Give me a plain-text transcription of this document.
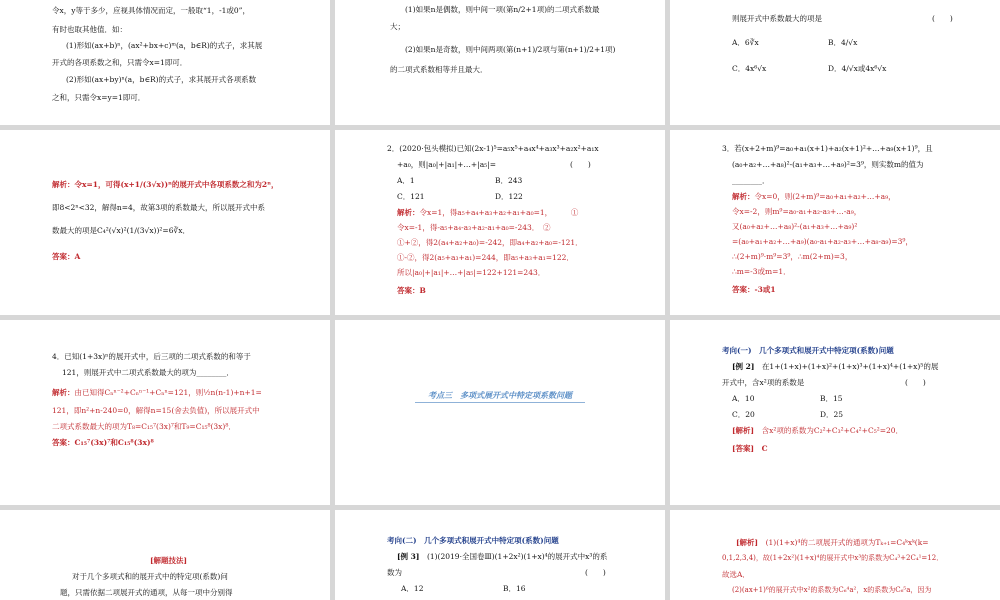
令x，y等于多少，应视具体情况而定，一般取“1，-1或0”，
有时也取其他值．如：
(1)形如(ax+b)ⁿ，(ax²+bx+c)ᵐ(a，b∈R)的式子，求其展
开式的各项系数之和，只需令x=1即可．
(2)形如(ax+by)ⁿ(a，b∈R)的式子，求其展开式各项系数
之和，只需令x=y=1即可．
(1)如果n是偶数，则中间一项(第n/2+1项)的二项式系数最
大；
(2)如果n是奇数，则中间两项(第(n+1)/2项与第(n+1)/2+1项)
的二项式系数相等并且最大．
则展开式中系数最大的项是	(　　)
A．6∛x	B．4/√x
C．4x⁶√x	D．4/√x或4x⁶√x
解析：令x=1，可得(x+1/(3√x))ⁿ的展开式中各项系数之和为2ⁿ，
即8<2ⁿ<32，解得n=4，故第3项的系数最大，所以展开式中系
数最大的项是C₄²(√x)²(1/(3√x))²=6∛x．
答案：A
2．(2020·包头模拟)已知(2x-1)⁵=a₅x⁵+a₄x⁴+a₃x³+a₂x²+a₁x
+a₀，则|a₀|+|a₁|+…+|a₅|=	(　　)
A．1	B．243
C．121	D．122
解析：令x=1，得a₅+a₄+a₃+a₂+a₁+a₀=1，　　　①
令x=-1，得-a₅+a₄-a₃+a₂-a₁+a₀=-243．　②
①+②，得2(a₄+a₂+a₀)=-242，即a₄+a₂+a₀=-121．
①-②，得2(a₅+a₃+a₁)=244，即a₅+a₃+a₁=122．
所以|a₀|+|a₁|+…+|a₅|=122+121=243．
答案：B
3．若(x+2+m)⁹=a₀+a₁(x+1)+a₂(x+1)²+…+a₉(x+1)⁹，且
(a₀+a₂+…+a₈)²-(a₁+a₃+…+a₉)²=3⁹，则实数m的值为
________．
解析：令x=0，则(2+m)⁹=a₀+a₁+a₂+…+a₉，
令x=-2，则m⁹=a₀-a₁+a₂-a₃+…-a₉，
又(a₀+a₂+…+a₈)²-(a₁+a₃+…+a₉)²
=(a₀+a₁+a₂+…+a₉)(a₀-a₁+a₂-a₃+…+a₈-a₉)=3⁹，
∴(2+m)⁹·m⁹=3⁹，∴m(2+m)=3，
∴m=-3或m=1．
答案：-3或1
4．已知(1+3x)ⁿ的展开式中，后三项的二项式系数的和等于
121，则展开式中二项式系数最大的项为________．
解析：由已知得Cₙⁿ⁻²+Cₙⁿ⁻¹+Cₙⁿ=121，则½n(n-1)+n+1=
121，即n²+n-240=0，解得n=15(舍去负值)，所以展开式中
二项式系数最大的项为T₈=C₁₅⁷(3x)⁷和T₉=C₁₅⁸(3x)⁸．
答案：C₁₅⁷(3x)⁷和C₁₅⁸(3x)⁸
考点三　多项式展开式中特定项系数问题
考向(一)　几个多项式和展开式中特定项(系数)问题
[例 2]　 在1+(1+x)+(1+x)²+(1+x)³+(1+x)⁴+(1+x)⁵的展
开式中，含x²项的系数是	(　　)
A．10	B．15
C．20	D．25
[解析]　 含x²项的系数为C₂²+C₃²+C₄²+C₅²=20．
[答案]　 C
[解题技法]
对于几个多项式和的展开式中的特定项(系数)问
题，只需依据二项展开式的通项，从每一项中分别得
考向(二)　几个多项式积展开式中特定项(系数)问题
[例 3]　 (1)(2019·全国卷Ⅲ)(1+2x²)(1+x)⁴的展开式中x³的系
数为	(　　)
A．12	B．16
[解析]　 (1)(1+x)⁴的二项展开式的通项为Tₖ₊₁=C₄ᵏxᵏ(k=
0,1,2,3,4)，故(1+2x²)(1+x)⁴的展开式中x³的系数为C₄³+2C₄¹=12．
故选A．
(2)(ax+1)⁶的展开式中x²的系数为C₆⁴a²，x的系数为C₆⁵a，因为
